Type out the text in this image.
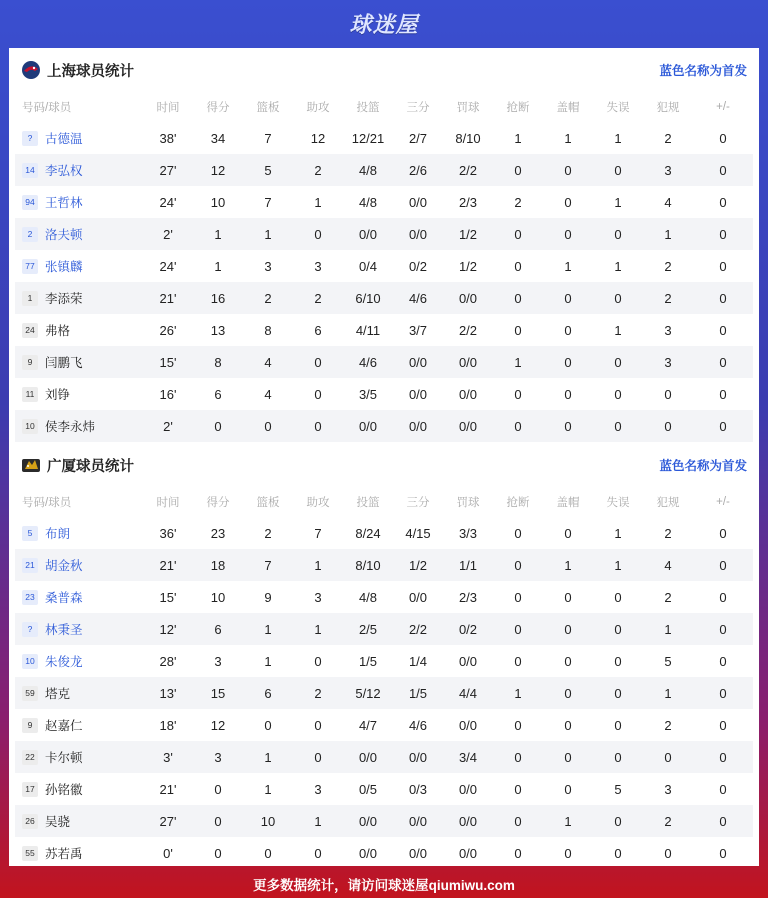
球迷屋
上海球员统计	蓝色名称为首发
号码/球员	时间	得分	篮板	助攻	投篮	三分	罚球	抢断	盖帽	失误	犯规	+/-
? 古德温	38'	34	7	12	12/21	2/7	8/10	1	1	1	2	0
14 李弘权	27'	12	5	2	4/8	2/6	2/2	0	0	0	3	0
94 王哲林	24'	10	7	1	4/8	0/0	2/3	2	0	1	4	0
2 洛夫顿	2'	1	1	0	0/0	0/0	1/2	0	0	0	1	0
77 张镇麟	24'	1	3	3	0/4	0/2	1/2	0	1	1	2	0
1 李添荣	21'	16	2	2	6/10	4/6	0/0	0	0	0	2	0
24 弗格	26'	13	8	6	4/11	3/7	2/2	0	0	1	3	0
9 闫鹏飞	15'	8	4	0	4/6	0/0	0/0	1	0	0	3	0
11 刘铮	16'	6	4	0	3/5	0/0	0/0	0	0	0	0	0
10 侯李永炜	2'	0	0	0	0/0	0/0	0/0	0	0	0	0	0
广厦球员统计	蓝色名称为首发
号码/球员	时间	得分	篮板	助攻	投篮	三分	罚球	抢断	盖帽	失误	犯规	+/-
5 布朗	36'	23	2	7	8/24	4/15	3/3	0	0	1	2	0
21 胡金秋	21'	18	7	1	8/10	1/2	1/1	0	1	1	4	0
23 桑普森	15'	10	9	3	4/8	0/0	2/3	0	0	0	2	0
? 林秉圣	12'	6	1	1	2/5	2/2	0/2	0	0	0	1	0
10 朱俊龙	28'	3	1	0	1/5	1/4	0/0	0	0	0	5	0
59 塔克	13'	15	6	2	5/12	1/5	4/4	1	0	0	1	0
9 赵嘉仁	18'	12	0	0	4/7	4/6	0/0	0	0	0	2	0
22 卡尔顿	3'	3	1	0	0/0	0/0	3/4	0	0	0	0	0
17 孙铭徽	21'	0	1	3	0/5	0/3	0/0	0	0	5	3	0
26 吴骁	27'	0	10	1	0/0	0/0	0/0	0	1	0	2	0
55 苏若禹	0'	0	0	0	0/0	0/0	0/0	0	0	0	0	0
更多数据统计，请访问球迷屋qiumiwu.com
